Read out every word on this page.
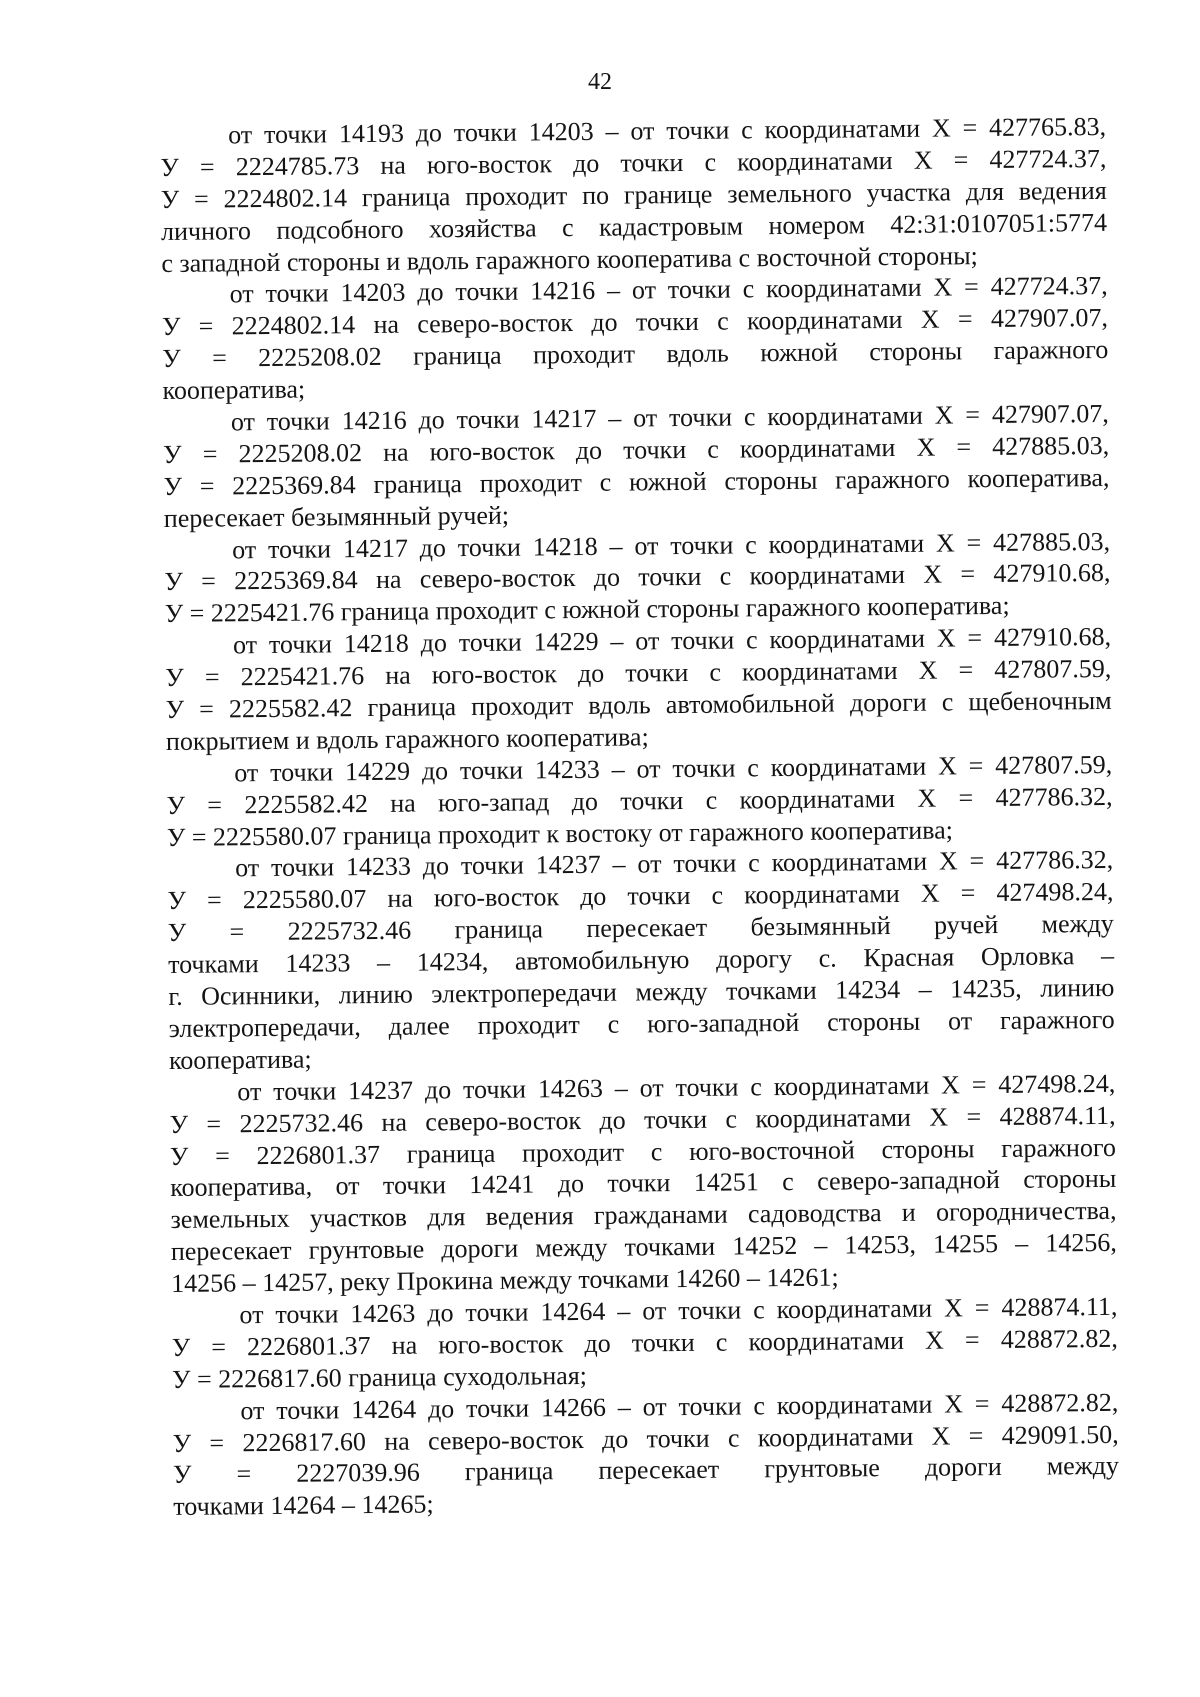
42
от точки 14193 до точки 14203 – от точки с координатами Х = 427765.83,
У = 2224785.73 на юго-восток до точки с координатами Х = 427724.37,
У = 2224802.14 граница проходит по границе земельного участка для ведения
личного подсобного хозяйства с кадастровым номером 42:31:0107051:5774
с западной стороны и вдоль гаражного кооператива с восточной стороны;
от точки 14203 до точки 14216 – от точки с координатами Х = 427724.37,
У = 2224802.14 на северо-восток до точки с координатами Х = 427907.07,
У = 2225208.02 граница проходит вдоль южной стороны гаражного
кооператива;
от точки 14216 до точки 14217 – от точки с координатами Х = 427907.07,
У = 2225208.02 на юго-восток до точки с координатами Х = 427885.03,
У = 2225369.84 граница проходит с южной стороны гаражного кооператива,
пересекает безымянный ручей;
от точки 14217 до точки 14218 – от точки с координатами Х = 427885.03,
У = 2225369.84 на северо-восток до точки с координатами Х = 427910.68,
У = 2225421.76 граница проходит с южной стороны гаражного кооператива;
от точки 14218 до точки 14229 – от точки с координатами Х = 427910.68,
У = 2225421.76 на юго-восток до точки с координатами Х = 427807.59,
У = 2225582.42 граница проходит вдоль автомобильной дороги с щебеночным
покрытием и вдоль гаражного кооператива;
от точки 14229 до точки 14233 – от точки с координатами Х = 427807.59,
У = 2225582.42 на юго-запад до точки с координатами Х = 427786.32,
У = 2225580.07 граница проходит к востоку от гаражного кооператива;
от точки 14233 до точки 14237 – от точки с координатами Х = 427786.32,
У = 2225580.07 на юго-восток до точки с координатами Х = 427498.24,
У = 2225732.46 граница пересекает безымянный ручей между
точками 14233 – 14234, автомобильную дорогу с. Красная Орловка –
г. Осинники, линию электропередачи между точками 14234 – 14235, линию
электропередачи, далее проходит с юго-западной стороны от гаражного
кооператива;
от точки 14237 до точки 14263 – от точки с координатами Х = 427498.24,
У = 2225732.46 на северо-восток до точки с координатами Х = 428874.11,
У = 2226801.37 граница проходит с юго-восточной стороны гаражного
кооператива, от точки 14241 до точки 14251 с северо-западной стороны
земельных участков для ведения гражданами садоводства и огородничества,
пересекает грунтовые дороги между точками 14252 – 14253, 14255 – 14256,
14256 – 14257, реку Прокина между точками 14260 – 14261;
от точки 14263 до точки 14264 – от точки с координатами Х = 428874.11,
У = 2226801.37 на юго-восток до точки с координатами Х = 428872.82,
У = 2226817.60 граница суходольная;
от точки 14264 до точки 14266 – от точки с координатами Х = 428872.82,
У = 2226817.60 на северо-восток до точки с координатами Х = 429091.50,
У = 2227039.96 граница пересекает грунтовые дороги между
точками 14264 – 14265;
